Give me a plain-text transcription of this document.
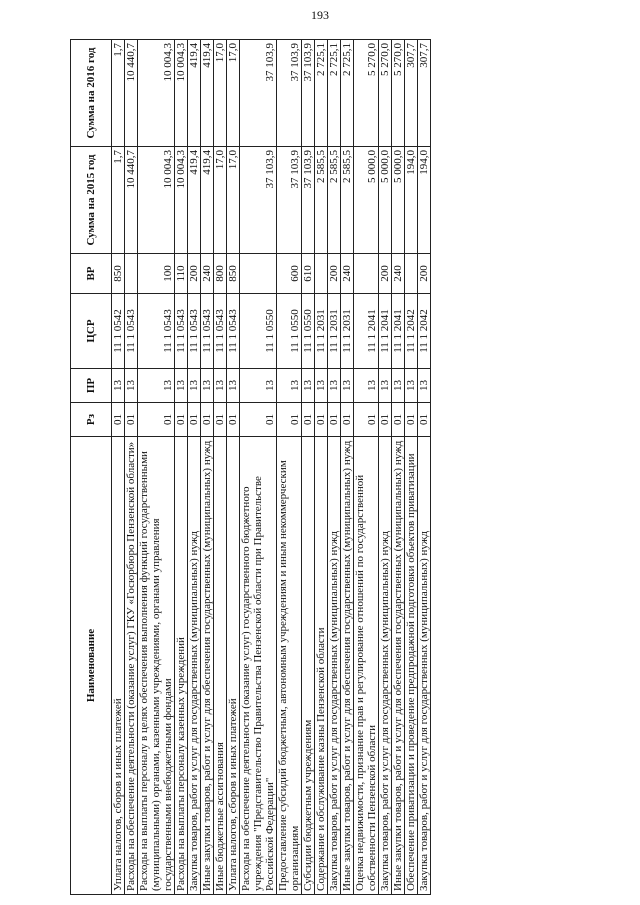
193
Наименование	Рз	ПР	ЦСР	ВР	Сумма на 2015 год	Сумма на 2016 год
Уплата налогов, сборов и иных платежей	01	13	11 1 0542	850	1,7	1,7
Расходы на обеспечение деятельности (оказание услуг) ГКУ «Госюрбюро Пензенской области»	01	13	11 1 0543		10 440,7	10 440,7
Расходы на выплаты персоналу в целях обеспечения выполнения функций государственными (муниципальными) органами, казенными учреждениями, органами управления государственными внебюджетными фондами	01	13	11 1 0543	100	10 004,3	10 004,3
Расходы на выплаты персоналу казенных учреждений	01	13	11 1 0543	110	10 004,3	10 004,3
Закупка товаров, работ и услуг для государственных (муниципальных) нужд	01	13	11 1 0543	200	419,4	419,4
Иные закупки товаров, работ и услуг для обеспечения государственных (муниципальных) нужд	01	13	11 1 0543	240	419,4	419,4
Иные бюджетные ассигнования	01	13	11 1 0543	800	17,0	17,0
Уплата налогов, сборов и иных платежей	01	13	11 1 0543	850	17,0	17,0
Расходы на обеспечение деятельности (оказание услуг) государственного бюджетного учреждения "Представительство Правительства Пензенской области при Правительстве Российской Федерации"	01	13	11 1 0550		37 103,9	37 103,9
Предоставление субсидий бюджетным, автономным учреждениям и иным некоммерческим организациям	01	13	11 1 0550	600	37 103,9	37 103,9
Субсидии бюджетным учреждениям	01	13	11 1 0550	610	37 103,9	37 103,9
Содержание и обслуживание казны Пензенской области	01	13	11 1 2031		2 585,5	2 725,1
Закупка товаров, работ и услуг для государственных (муниципальных) нужд	01	13	11 1 2031	200	2 585,5	2 725,1
Иные закупки товаров, работ и услуг для обеспечения государственных (муниципальных) нужд	01	13	11 1 2031	240	2 585,5	2 725,1
Оценка недвижимости, признание прав и регулирование отношений по государственной собственности Пензенской области	01	13	11 1 2041		5 000,0	5 270,0
Закупка товаров, работ и услуг для государственных (муниципальных) нужд	01	13	11 1 2041	200	5 000,0	5 270,0
Иные закупки товаров, работ и услуг для обеспечения государственных (муниципальных) нужд	01	13	11 1 2041	240	5 000,0	5 270,0
Обеспечение приватизации и проведение предпродажной подготовки объектов приватизации	01	13	11 1 2042		194,0	307,7
Закупка товаров, работ и услуг для государственных (муниципальных) нужд	01	13	11 1 2042	200	194,0	307,7
